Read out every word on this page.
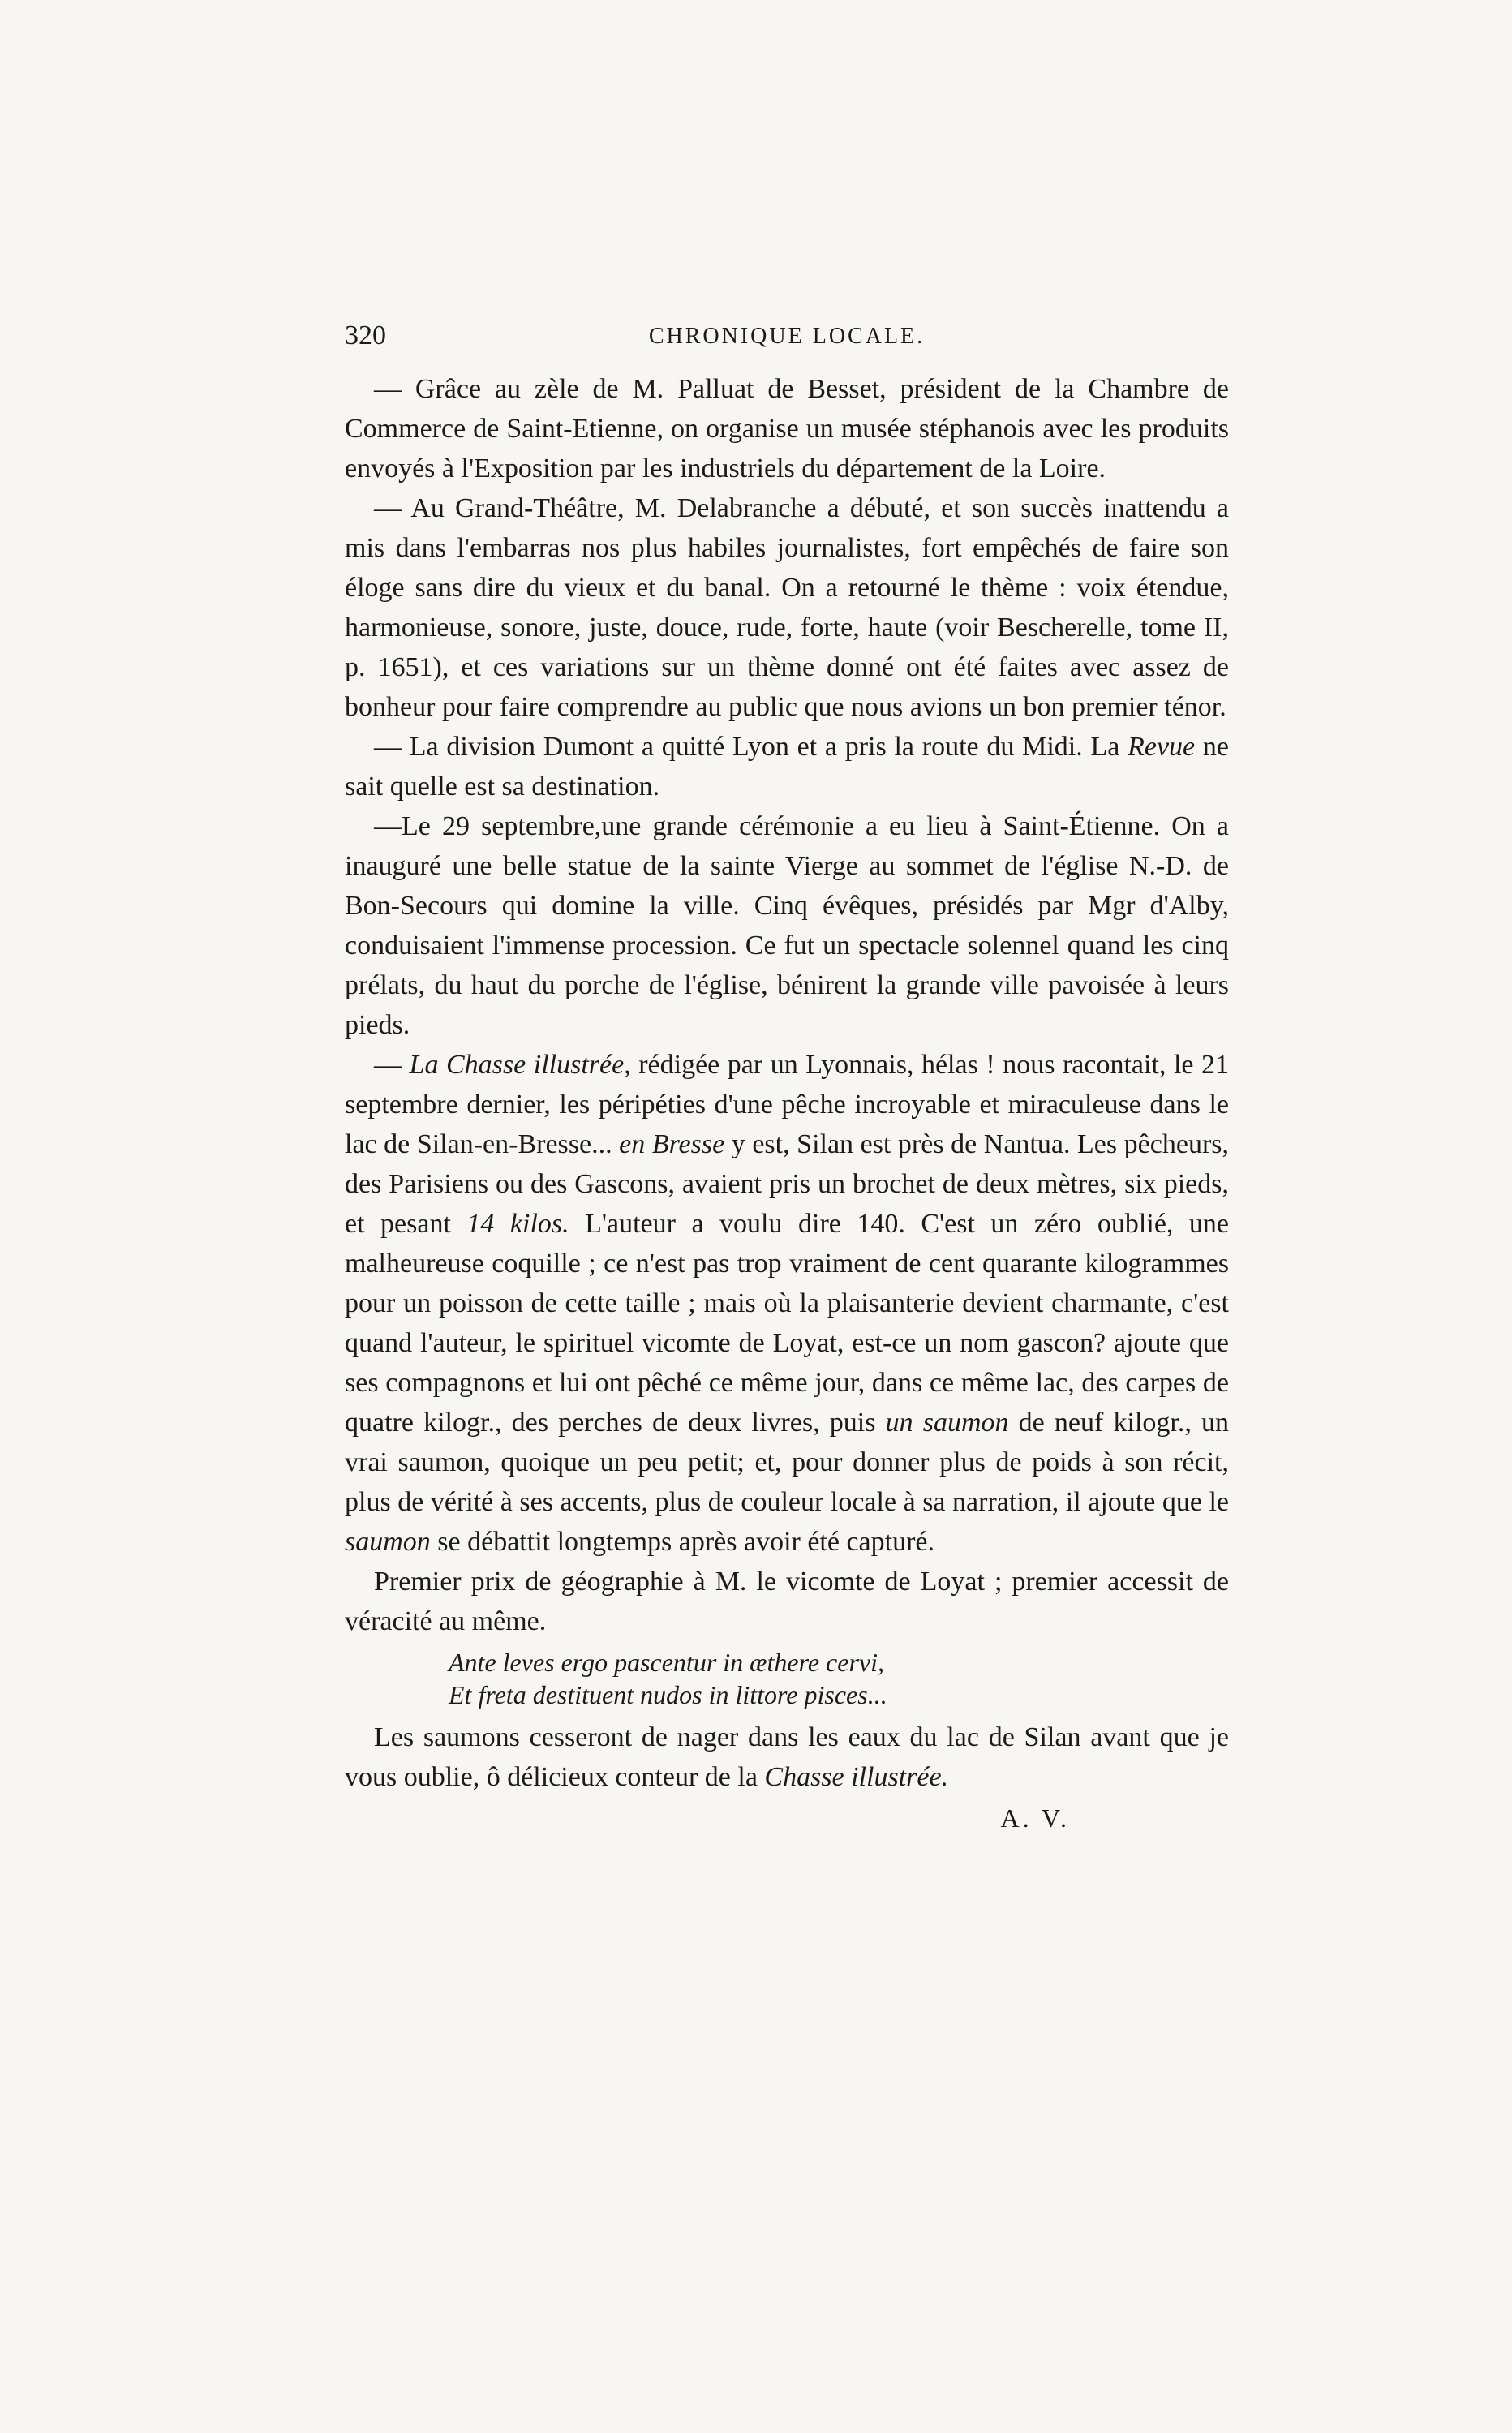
320	CHRONIQUE LOCALE.

— Grâce au zèle de M. Palluat de Besset, président de la Chambre de Commerce de Saint-Etienne, on organise un musée stéphanois avec les produits envoyés à l'Exposition par les industriels du département de la Loire.

— Au Grand-Théâtre, M. Delabranche a débuté, et son succès inattendu a mis dans l'embarras nos plus habiles journalistes, fort empêchés de faire son éloge sans dire du vieux et du banal. On a retourné le thème : voix étendue, harmonieuse, sonore, juste, douce, rude, forte, haute (voir Bescherelle, tome II, p. 1651), et ces variations sur un thème donné ont été faites avec assez de bonheur pour faire comprendre au public que nous avions un bon premier ténor.

— La division Dumont a quitté Lyon et a pris la route du Midi. La Revue ne sait quelle est sa destination.

—Le 29 septembre,une grande cérémonie a eu lieu à Saint-Étienne. On a inauguré une belle statue de la sainte Vierge au sommet de l'église N.-D. de Bon-Secours qui domine la ville. Cinq évêques, présidés par Mgr d'Alby, conduisaient l'immense procession. Ce fut un spectacle solennel quand les cinq prélats, du haut du porche de l'église, bénirent la grande ville pavoisée à leurs pieds.

— La Chasse illustrée, rédigée par un Lyonnais, hélas ! nous racontait, le 21 septembre dernier, les péripéties d'une pêche incroyable et miraculeuse dans le lac de Silan-en-Bresse... en Bresse y est, Silan est près de Nantua. Les pêcheurs, des Parisiens ou des Gascons, avaient pris un brochet de deux mètres, six pieds, et pesant 14 kilos. L'auteur a voulu dire 140. C'est un zéro oublié, une malheureuse coquille ; ce n'est pas trop vraiment de cent quarante kilogrammes pour un poisson de cette taille ; mais où la plaisanterie devient charmante, c'est quand l'auteur, le spirituel vicomte de Loyat, est-ce un nom gascon? ajoute que ses compagnons et lui ont pêché ce même jour, dans ce même lac, des carpes de quatre kilogr., des perches de deux livres, puis un saumon de neuf kilogr., un vrai saumon, quoique un peu petit; et, pour donner plus de poids à son récit, plus de vérité à ses accents, plus de couleur locale à sa narration, il ajoute que le saumon se débattit longtemps après avoir été capturé.

Premier prix de géographie à M. le vicomte de Loyat ; premier accessit de véracité au même.

Ante leves ergo pascentur in æthere cervi,
Et freta destituent nudos in littore pisces...

Les saumons cesseront de nager dans les eaux du lac de Silan avant que je vous oublie, ô délicieux conteur de la Chasse illustrée.

A. V.
